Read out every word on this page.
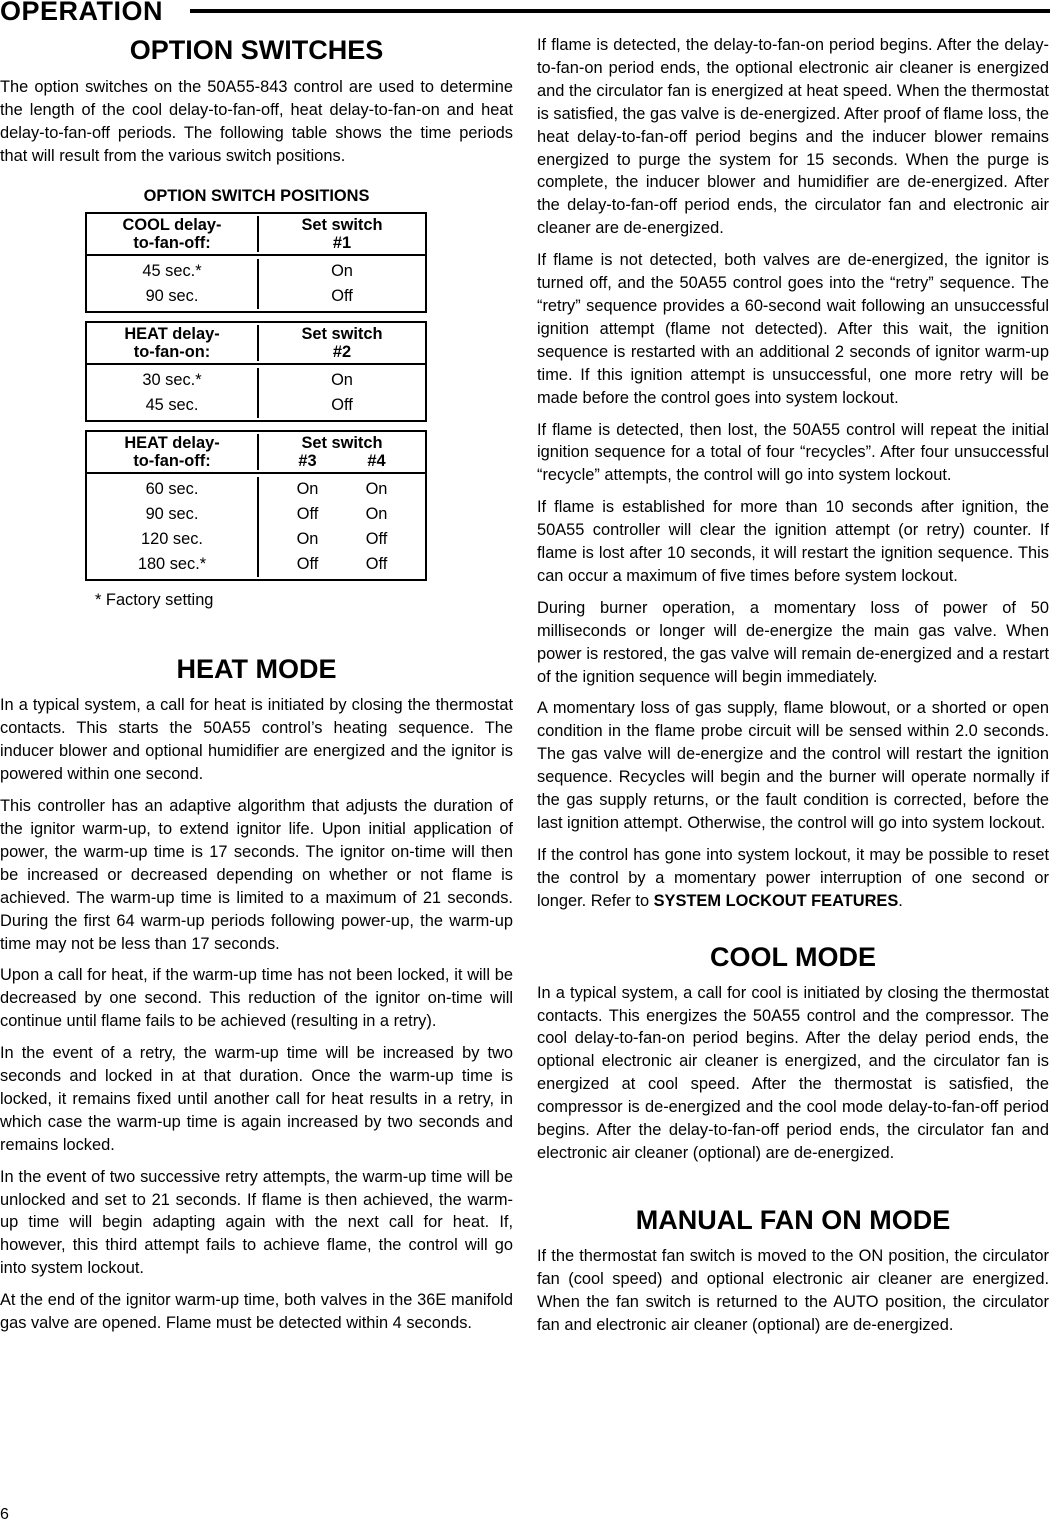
OPERATION
OPTION SWITCHES

The option switches on the 50A55-843 control are used to determine the length of the cool delay-to-fan-off, heat delay-to-fan-on and heat delay-to-fan-off periods. The following table shows the time periods that will result from the various switch positions.

OPTION SWITCH POSITIONS
COOL delay-
to-fan-off:
Set switch
#1
45 sec.*	On
90 sec.	Off
HEAT delay-
to-fan-on:
Set switch
#2
30 sec.*	On
45 sec.	Off
HEAT delay-
to-fan-off:
Set switch
#3	#4
60 sec.	On	On
90 sec.	Off	On
120 sec.	On	Off
180 sec.*	Off	Off
* Factory setting
HEAT MODE

In a typical system, a call for heat is initiated by closing the thermostat contacts. This starts the 50A55 control’s heating sequence. The inducer blower and optional humidifier are energized and the ignitor is powered within one second.

This controller has an adaptive algorithm that adjusts the duration of the ignitor warm-up, to extend ignitor life. Upon initial application of power, the warm-up time is 17 seconds. The ignitor on-time will then be increased or decreased depending on whether or not flame is achieved. The warm-up time is limited to a maximum of 21 seconds. During the first 64 warm-up periods following power-up, the warm-up time may not be less than 17 seconds.

Upon a call for heat, if the warm-up time has not been locked, it will be decreased by one second. This reduction of the ignitor on-time will continue until flame fails to be achieved (resulting in a retry).

In the event of a retry, the warm-up time will be increased by two seconds and locked in at that duration. Once the warm-up time is locked, it remains fixed until another call for heat results in a retry, in which case the warm-up time is again increased by two seconds and remains locked.

In the event of two successive retry attempts, the warm-up time will be unlocked and set to 21 seconds. If flame is then achieved, the warm-up time will begin adapting again with the next call for heat. If, however, this third attempt fails to achieve flame, the control will go into system lockout.

At the end of the ignitor warm-up time, both valves in the 36E manifold gas valve are opened. Flame must be detected within 4 seconds.

If flame is detected, the delay-to-fan-on period begins. After the delay-to-fan-on period ends, the optional electronic air cleaner is energized and the circulator fan is energized at heat speed. When the thermostat is satisfied, the gas valve is de-energized. After proof of flame loss, the heat delay-to-fan-off period begins and the inducer blower remains energized to purge the system for 15 seconds. When the purge is complete, the inducer blower and humidifier are de-energized. After the delay-to-fan-off period ends, the circulator fan and electronic air cleaner are de-energized.

If flame is not detected, both valves are de-energized, the ignitor is turned off, and the 50A55 control goes into the “retry” sequence. The “retry” sequence provides a 60-second wait following an unsuccessful ignition attempt (flame not detected). After this wait, the ignition sequence is restarted with an additional 2 seconds of ignitor warm-up time. If this ignition attempt is unsuccessful, one more retry will be made before the control goes into system lockout.

If flame is detected, then lost, the 50A55 control will repeat the initial ignition sequence for a total of four “recycles”. After four unsuccessful “recycle” attempts, the control will go into system lockout.

If flame is established for more than 10 seconds after ignition, the 50A55 controller will clear the ignition attempt (or retry) counter. If flame is lost after 10 seconds, it will restart the ignition sequence. This can occur a maximum of five times before system lockout.

During burner operation, a momentary loss of power of 50 milliseconds or longer will de-energize the main gas valve. When power is restored, the gas valve will remain de-energized and a restart of the ignition sequence will begin immediately.

A momentary loss of gas supply, flame blowout, or a shorted or open condition in the flame probe circuit will be sensed within 2.0 seconds. The gas valve will de-energize and the control will restart the ignition sequence. Recycles will begin and the burner will operate normally if the gas supply returns, or the fault condition is corrected, before the last ignition attempt. Otherwise, the control will go into system lockout.

If the control has gone into system lockout, it may be possible to reset the control by a momentary power interruption of one second or longer. Refer to SYSTEM LOCKOUT FEATURES.

COOL MODE

In a typical system, a call for cool is initiated by closing the thermostat contacts. This energizes the 50A55 control and the compressor. The cool delay-to-fan-on period begins. After the delay period ends, the optional electronic air cleaner is energized, and the circulator fan is energized at cool speed. After the thermostat is satisfied, the compressor is de-energized and the cool mode delay-to-fan-off period begins. After the delay-to-fan-off period ends, the circulator fan and electronic air cleaner (optional) are de-energized.

MANUAL FAN ON MODE

If the thermostat fan switch is moved to the ON position, the circulator fan (cool speed) and optional electronic air cleaner are energized. When the fan switch is returned to the AUTO position, the circulator fan and electronic air cleaner (optional) are de-energized.

6
